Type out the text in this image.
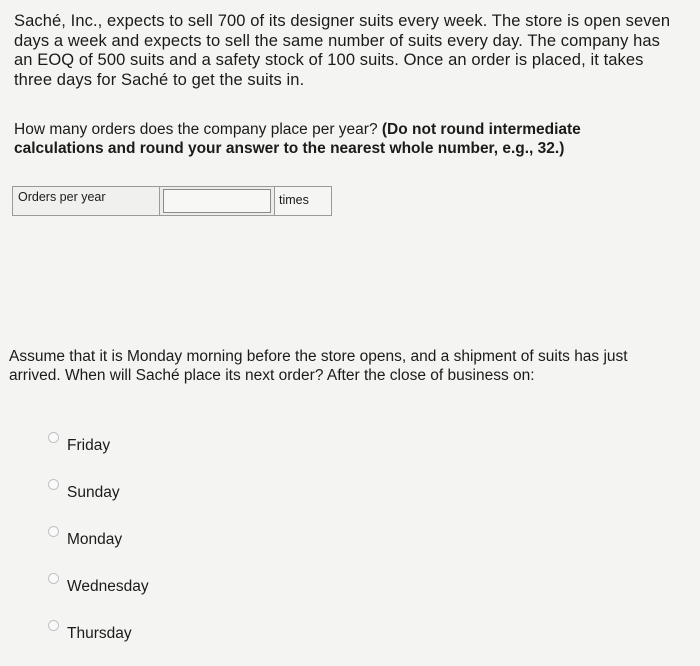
Saché, Inc., expects to sell 700 of its designer suits every week. The store is open seven days a week and expects to sell the same number of suits every day. The company has an EOQ of 500 suits and a safety stock of 100 suits. Once an order is placed, it takes three days for Saché to get the suits in.

How many orders does the company place per year? (Do not round intermediate calculations and round your answer to the nearest whole number, e.g., 32.)

Orders per year	times

Assume that it is Monday morning before the store opens, and a shipment of suits has just arrived. When will Saché place its next order? After the close of business on:

Friday
Sunday
Monday
Wednesday
Thursday
